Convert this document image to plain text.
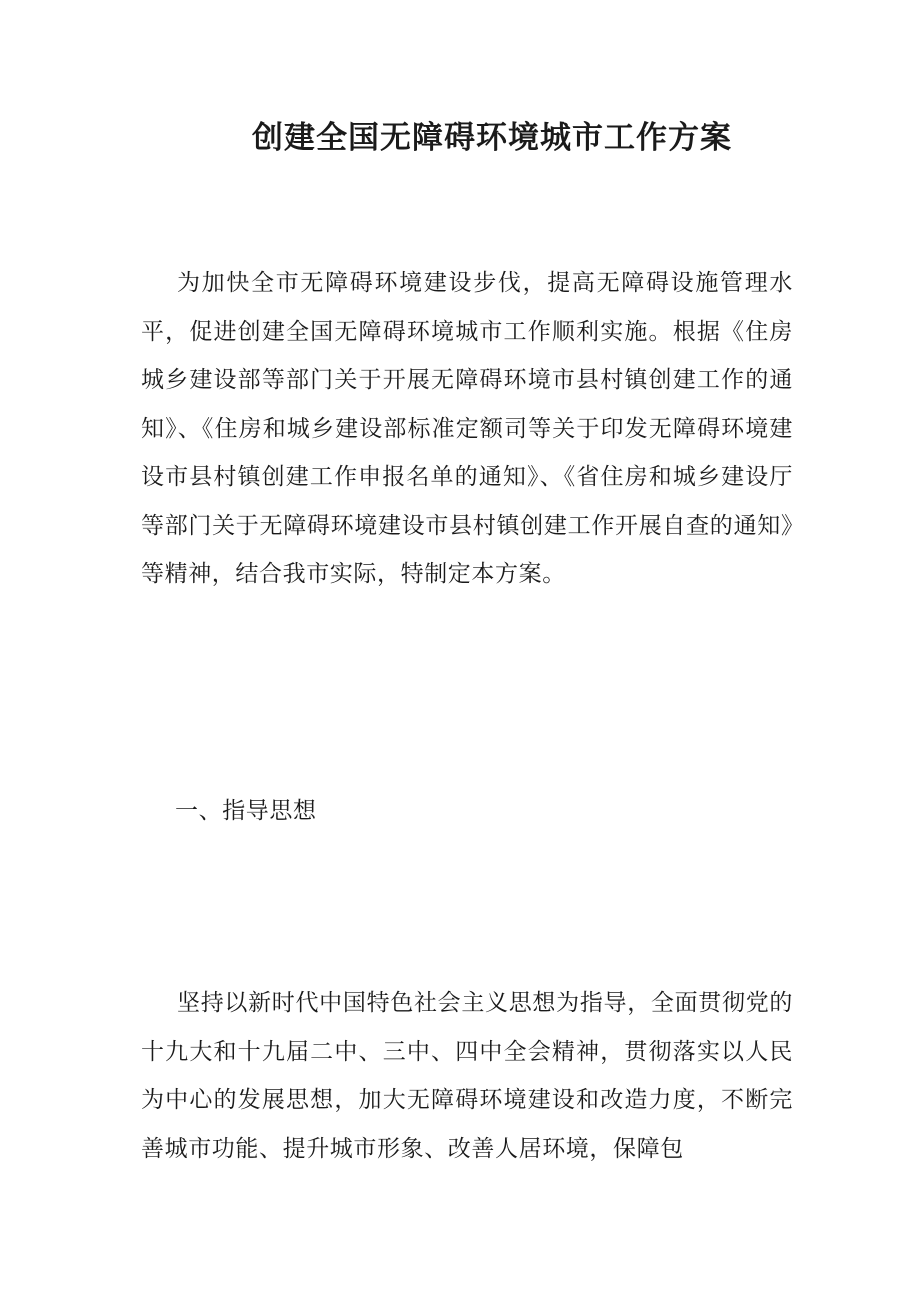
创建全国无障碍环境城市工作方案

为加快全市无障碍环境建设步伐，提高无障碍设施管理水平，促进创建全国无障碍环境城市工作顺利实施。根据《住房城乡建设部等部门关于开展无障碍环境市县村镇创建工作的通知》、《住房和城乡建设部标准定额司等关于印发无障碍环境建设市县村镇创建工作申报名单的通知》、《省住房和城乡建设厅等部门关于无障碍环境建设市县村镇创建工作开展自查的通知》等精神，结合我市实际，特制定本方案。

一、指导思想

坚持以新时代中国特色社会主义思想为指导，全面贯彻党的十九大和十九届二中、三中、四中全会精神，贯彻落实以人民为中心的发展思想，加大无障碍环境建设和改造力度，不断完善城市功能、提升城市形象、改善人居环境，保障包
